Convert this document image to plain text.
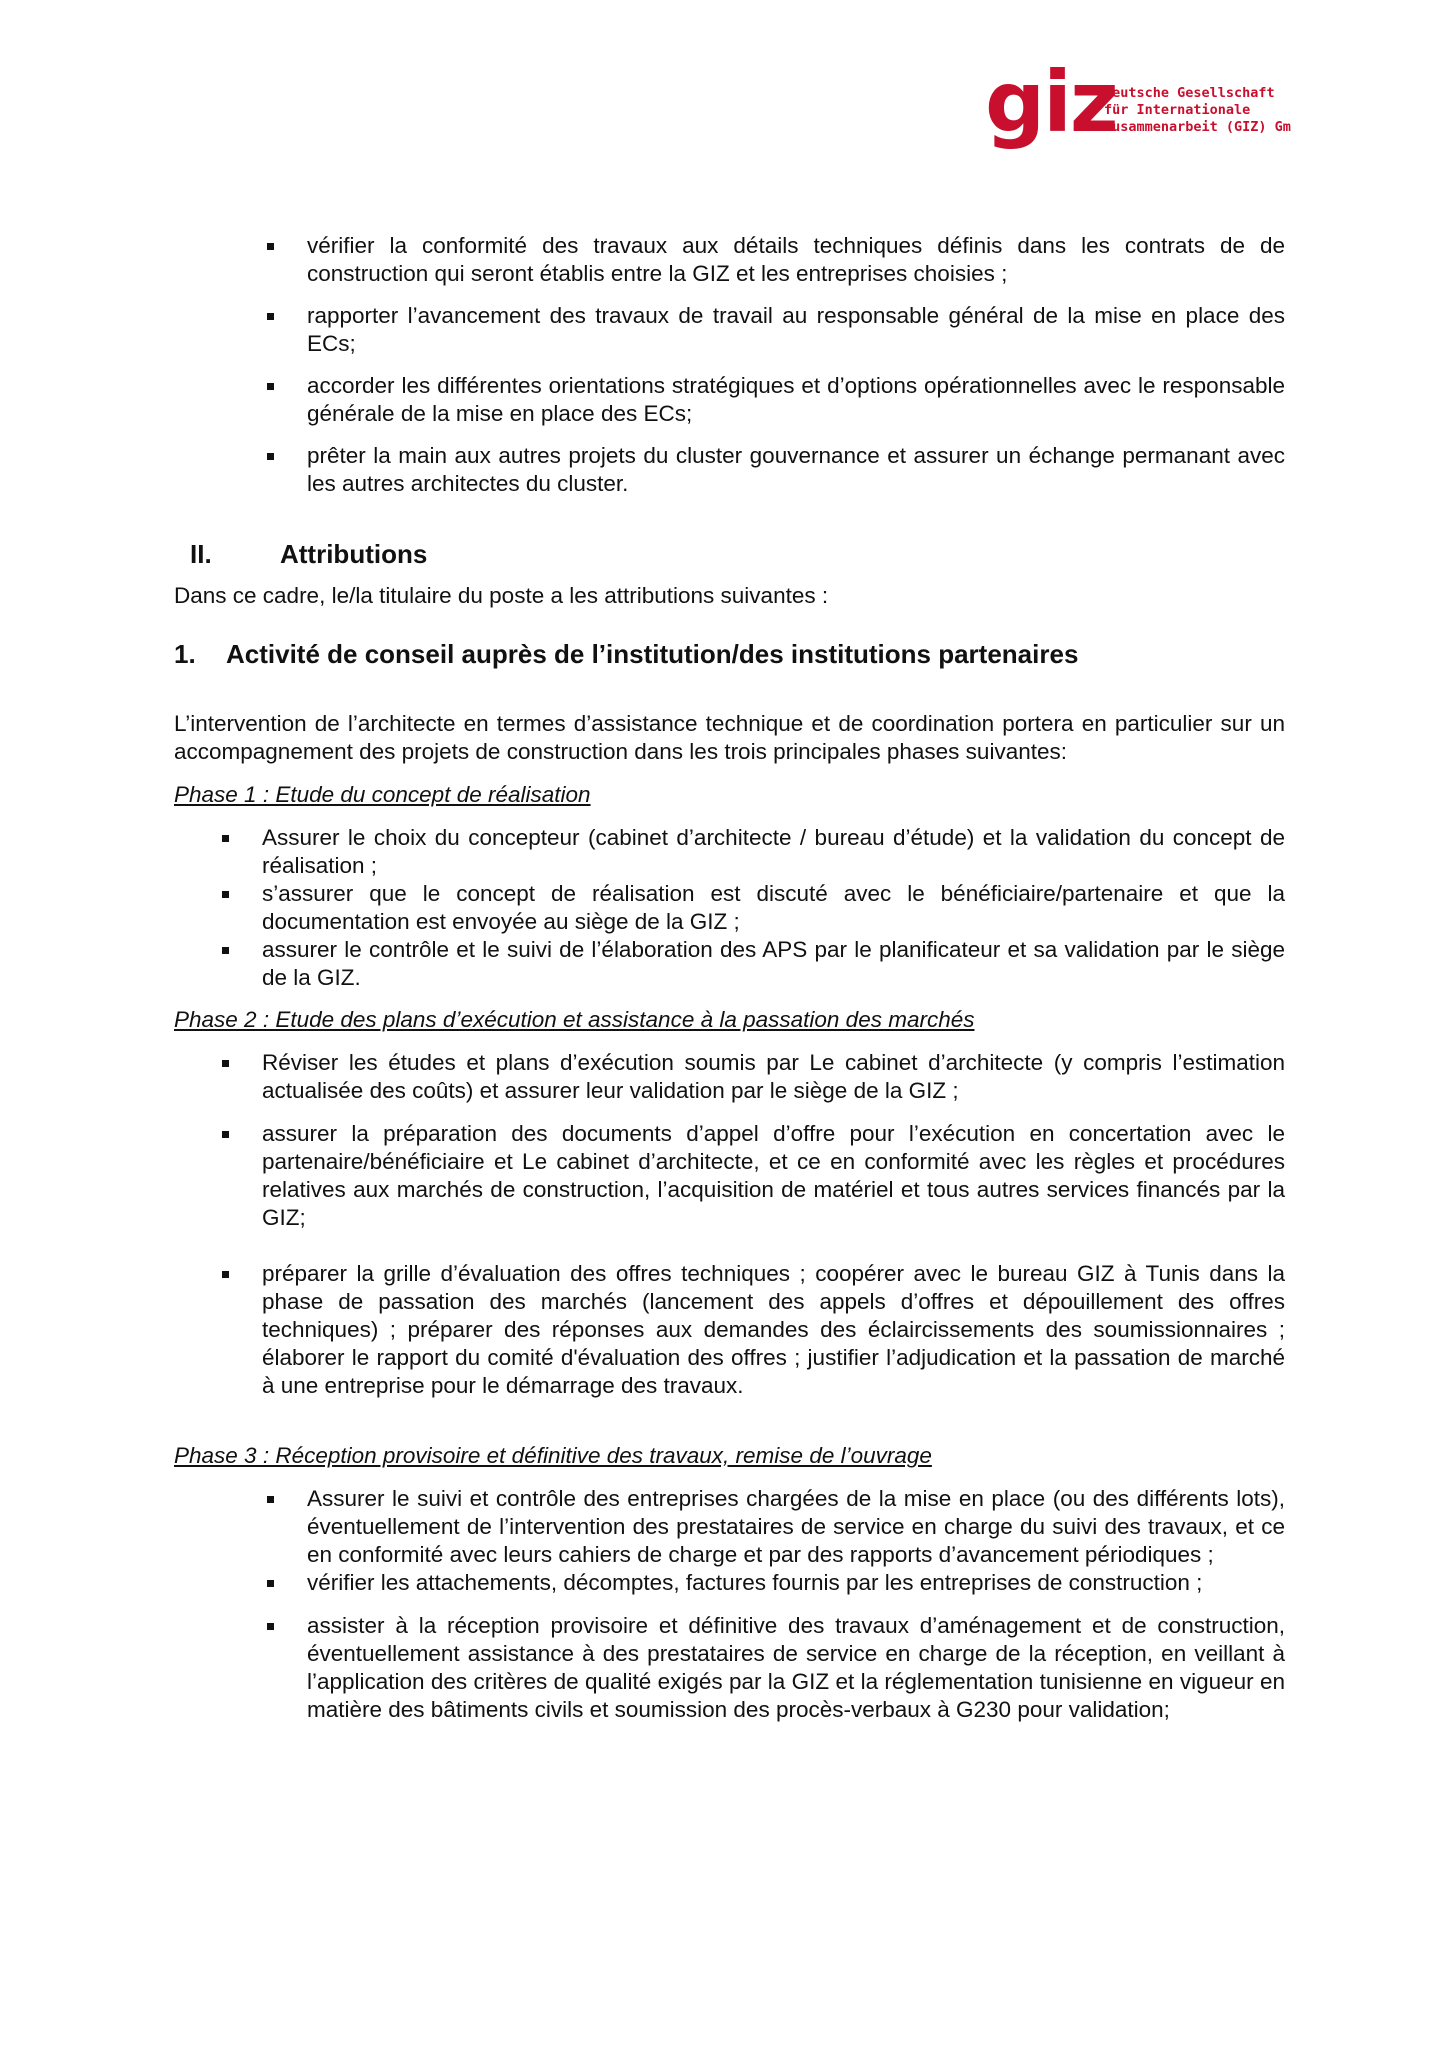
giz
Deutsche Gesellschaft
für Internationale
Zusammenarbeit (GIZ) Gm
vérifier la conformité des travaux aux détails techniques définis dans les contrats de de construction qui seront établis entre la GIZ et les entreprises choisies ;
rapporter l’avancement des travaux de travail au responsable général de la mise en place des ECs;
accorder les différentes orientations stratégiques et d’options opérationnelles avec le responsable générale de la mise en place des ECs;
prêter la main aux autres projets du cluster gouvernance et assurer un échange permanant avec les autres architectes du cluster.
II.	Attributions

Dans ce cadre, le/la titulaire du poste a les attributions suivantes :

1. Activité de conseil auprès de l’institution/des institutions partenaires

L’intervention de l’architecte en termes d’assistance technique et de coordination portera en particulier sur un accompagnement des projets de construction dans les trois principales phases suivantes:

Phase 1 : Etude du concept de réalisation

Assurer le choix du concepteur (cabinet d’architecte / bureau d’étude) et la validation du concept de réalisation ;
s’assurer que le concept de réalisation est discuté avec le bénéficiaire/partenaire et que la documentation est envoyée au siège de la GIZ ;
assurer le contrôle et le suivi de l’élaboration des APS par le planificateur et sa validation par le siège de la GIZ.

Phase 2 : Etude des plans d’exécution et assistance à la passation des marchés

Réviser les études et plans d’exécution soumis par Le cabinet d’architecte (y compris l’estimation actualisée des coûts) et assurer leur validation par le siège de la GIZ ;
assurer la préparation des documents d’appel d’offre pour l’exécution en concertation avec le partenaire/bénéficiaire et Le cabinet d’architecte, et ce en conformité avec les règles et procédures relatives aux marchés de construction, l’acquisition de matériel et tous autres services financés par la GIZ;
préparer la grille d’évaluation des offres techniques ; coopérer avec le bureau GIZ à Tunis dans la phase de passation des marchés (lancement des appels d’offres et dépouillement des offres techniques) ; préparer des réponses aux demandes des éclaircissements des soumissionnaires ; élaborer le rapport du comité d'évaluation des offres ; justifier l’adjudication et la passation de marché à une entreprise pour le démarrage des travaux.

Phase 3 : Réception provisoire et définitive des travaux, remise de l’ouvrage

Assurer le suivi et contrôle des entreprises chargées de la mise en place (ou des différents lots), éventuellement de l’intervention des prestataires de service en charge du suivi des travaux, et ce en conformité avec leurs cahiers de charge et par des rapports d’avancement périodiques ;
vérifier les attachements, décomptes, factures fournis par les entreprises de construction ;
assister à la réception provisoire et définitive des travaux d’aménagement et de construction, éventuellement assistance à des prestataires de service en charge de la réception, en veillant à l’application des critères de qualité exigés par la GIZ et la réglementation tunisienne en vigueur en matière des bâtiments civils et soumission des procès-verbaux à G230 pour validation;
